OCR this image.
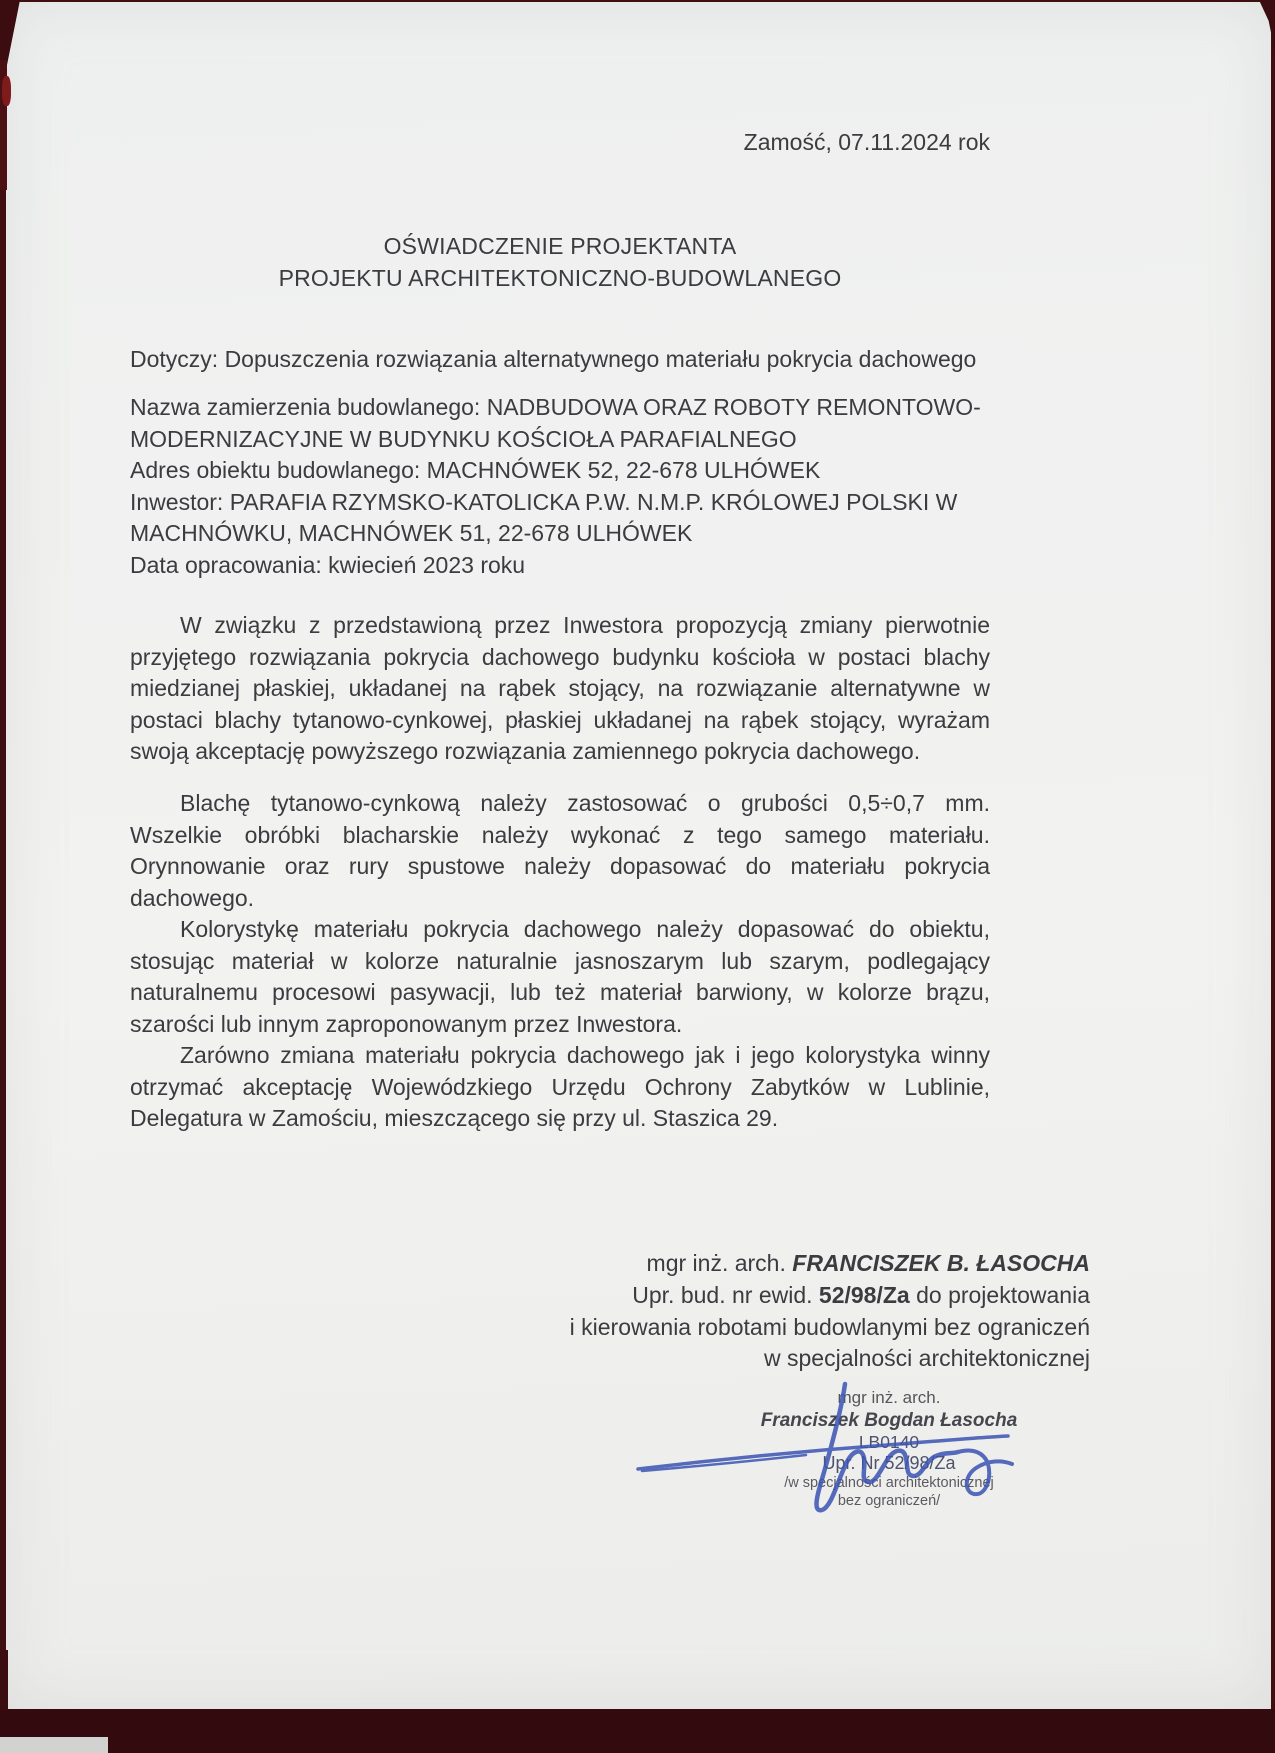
Zamość, 07.11.2024 rok
OŚWIADCZENIE PROJEKTANTA
PROJEKTU ARCHITEKTONICZNO-BUDOWLANEGO
Dotyczy: Dopuszczenia rozwiązania alternatywnego materiału pokrycia dachowego
Nazwa zamierzenia budowlanego: NADBUDOWA ORAZ ROBOTY REMONTOWO-MODERNIZACYJNE W BUDYNKU KOŚCIOŁA PARAFIALNEGO
Adres obiektu budowlanego: MACHNÓWEK 52, 22-678 ULHÓWEK
Inwestor: PARAFIA RZYMSKO-KATOLICKA P.W. N.M.P. KRÓLOWEJ POLSKI W MACHNÓWKU, MACHNÓWEK 51, 22-678 ULHÓWEK
Data opracowania: kwiecień 2023 roku
W związku z przedstawioną przez Inwestora propozycją zmiany pierwotnie przyjętego rozwiązania pokrycia dachowego budynku kościoła w postaci blachy miedzianej płaskiej, układanej na rąbek stojący, na rozwiązanie alternatywne w postaci blachy tytanowo-cynkowej, płaskiej układanej na rąbek stojący, wyrażam swoją akceptację powyższego rozwiązania zamiennego pokrycia dachowego.

Blachę tytanowo-cynkową należy zastosować o grubości 0,5÷0,7 mm. Wszelkie obróbki blacharskie należy wykonać z tego samego materiału. Orynnowanie oraz rury spustowe należy dopasować do materiału pokrycia dachowego.

Kolorystykę materiału pokrycia dachowego należy dopasować do obiektu, stosując materiał w kolorze naturalnie jasnoszarym lub szarym, podlegający naturalnemu procesowi pasywacji, lub też materiał barwiony, w kolorze brązu, szarości lub innym zaproponowanym przez Inwestora.

Zarówno zmiana materiału pokrycia dachowego jak i jego kolorystyka winny otrzymać akceptację Wojewódzkiego Urzędu Ochrony Zabytków w Lublinie, Delegatura w Zamościu, mieszczącego się przy ul. Staszica 29.

mgr inż. arch. FRANCISZEK B. ŁASOCHA
Upr. bud. nr ewid. 52/98/Za do projektowania
i kierowania robotami budowlanymi bez ograniczeń
w specjalności architektonicznej
mgr inż. arch.
Franciszek Bogdan Łasocha
LB0140
Upr. Nr 52/98/Za
/w specjalności architektonicznej
bez ograniczeń/
